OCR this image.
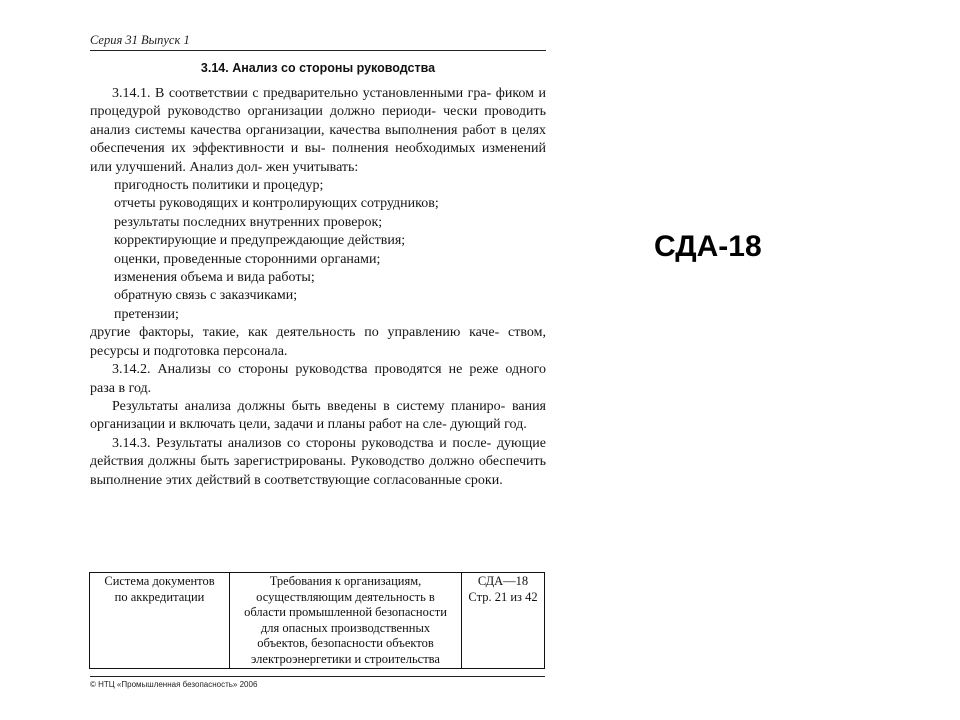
Серия 31 Выпуск 1
3.14. Анализ со стороны руководства

3.14.1. В соответствии с предварительно установленными гра- фиком и процедурой руководство организации должно периоди- чески проводить анализ системы качества организации, качества выполнения работ в целях обеспечения их эффективности и вы- полнения необходимых изменений или улучшений. Анализ дол- жен учитывать:

пригодность политики и процедур;

отчеты руководящих и контролирующих сотрудников;

результаты последних внутренних проверок;

корректирующие и предупреждающие действия;

оценки, проведенные сторонними органами;

изменения объема и вида работы;

обратную связь с заказчиками;

претензии;

другие факторы, такие, как деятельность по управлению каче- ством, ресурсы и подготовка персонала.

3.14.2. Анализы со стороны руководства проводятся не реже одного раза в год.

Результаты анализа должны быть введены в систему планиро- вания организации и включать цели, задачи и планы работ на сле- дующий год.

3.14.3. Результаты анализов со стороны руководства и после- дующие действия должны быть зарегистрированы. Руководство должно обеспечить выполнение этих действий в соответствующие согласованные сроки.

Система документов
по аккредитации

Требования к организациям,
осуществляющим деятельность в
области промышленной безопасности
для опасных производственных
объектов, безопасности объектов
электроэнергетики и строительства

СДА—18
Стр. 21 из 42
© НТЦ «Промышленная безопасность» 2006
СДА-18
